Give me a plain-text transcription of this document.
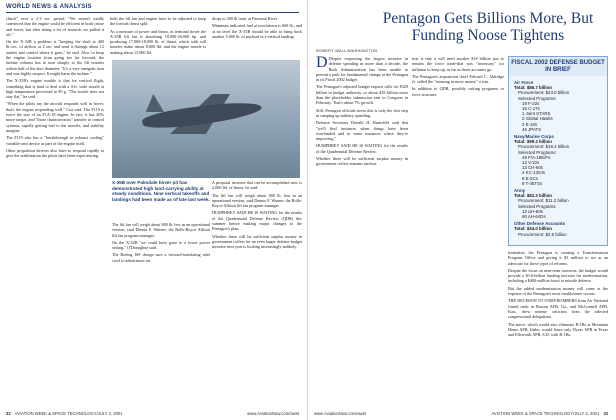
WORLD NEWS & ANALYSIS

clutch" over a 2-3 sec. period. "We weren't totally convinced that the engine could be efficient in both cruise and hover, but after doing a lot of research we pulled it off."

On the X-32B a problem is "keeping the shaft at 400 lb./sec. of airflow at 2 sec. and send it through about 12 outlets and control where it goes," he said. Also, to keep the engine location from going too far forward, the turbine exhaust has to turn sharply to the lift nozzles within half of the duct diameter. "It's a very energetic turn and was highly suspect. It might harm the turbine."

The X-35B's engine trouble is that for vertical flight, something that is hard to deal with a 4-ft. wide nozzle at high temperature processed to 90 g. "The nozzle does not stay flat," he said.

"When the pilots say the aircraft responds well in hover, that's the engine responding well," Coa said. The F119 is twice the size of an F1A-18 engine. In fact, it has 40% more torque, and "those characteristics" transfer to control systems, rapidly getting fuel to the nozzles, and stability margins.

The F119 also has a "breakthrough in exhaust cooling" variable-area device as part of the engine itself.

Other propulsion devices also have to respond rapidly to give the stabilization the pilots have been experiencing.

both the lift fan and engine have to be adjusted to keep the fore/aft thrust split.

As a measure of power and thrust, in terminal hover the X-35B lift fan is absorbing 18,000-20,000 hp. and producing 17,000-18,000 lb. of thrust, which with roll nozzles make about 8,000 lbf. and the engine nozzle is making about 13,000 lbf.

X-35B over Palmdale hover pit has demonstrated high land-carrying ability at steady conditions. Nine vertical takeoffs and landings had been made as of late last week.

The lift fan will weigh about 800 lb. less in an operational version, said Dennis F. Warner, the Rolls-Royce Allison lift fan program manager.

On the X-32B "we could have gone to a lower power setting," O'Donoghue said.

The Boeing JSF design uses a forward-translating inlet cowl to admit more air.

drops to 300 lb./min. at Patuxent River.

Minimum indicated fuel at touchdown is 600 lb., and at no level the X-35B should be able to bring back another 5,000 lb. of payload in a vertical landing.

A proposal increase that can be accomplished now is 2,000 lbf. of thrust, he said.

The lift fan will weigh about 800 lb. less in an operational version, said Dennis F. Warner, the Rolls-Royce Allison lift fan program manager.

HUMPHREY SAID HE IS WAITING for the results of the Quadrennial Defense Review (QDR) this summer before making major changes to the Pentagon's plan.

Whether there will be sufficient surplus money in government coffers for an even larger defense budget increase next year is looking increasingly unlikely.

32 AVIATION WEEK & SPACE TECHNOLOGY/JULY 2, 2001	www.AviationNow.com/awst
Pentagon Gets Billions More, But Funding Noose Tightens
ROBERT WALL/WASHINGTON

D Despite requesting the largest increase in defense spending in more than a decade, the Bush Administration has been unable to present a path for fundamental change at the Pentagon in its Fiscal 2002 budget.

The Pentagon's adjusted budget request calls for $329 billion in budget authority, or about $18 billion more than the placeholder submission sent to Congress in February. That's about 7% growth.

Still, Pentagon officials stress this is only the first step in ramping up military spending.

Defense Secretary Donald H. Rumsfeld said that "we'll find instances when things have been overfunded and in some instances where they're improving."

HUMPHREY SAID HE IS WAITING for the results of the Quadrennial Defense Review.

Whether there will be sufficient surplus money in government coffers remains unclear.

tion is that it will need another $18 billion just to remain the force trade-that was "necessary" for inflation to keep up, as far as those accounts go.

The Pentagon's acquisition chief Edward C. Aldridge Jr. called the "seeming in more money" a win.

In addition to QDR, possibly cutting programs or force structure.

FISCAL 2002 DEFENSE BUDGET IN BRIEF
Air Force
Total: $86.7 billion
Procurement: $23.0 billion
Selected Programs:
19 F-22s
15 C-17s
1 Joint STARS
2 Global Hawks
2 E-10s
46 JPATS
Navy/Marine Corps
Total: $99.2 billion
Procurement: $18.4 billion
Selected Programs:
48 F/A-18E/Fs
12 V-22s
13 CH-60s
4 KC-130Js
8 E-2Cs
9 T-45TSs
Army
Total: $82.2 billion
Procurement: $11.2 billion
Selected Programs:
12 UH-60s
60 AH-64Ds
Other Defense Accounts
Total: $34.0 billion
Procurement: $2.5 billion

formation, the Pentagon is creating a Transformation Program Office and giving it $3 million to act as an advocate for these types of reforms.

Despite the focus on near-term concerns, the budget would provide a $3.6-billion funding increase for modernization, including a $400-million boost to missile defense.

But the added modernization money will come at the expense of the Pentagon's most troublesome sectors.

THE DECISION TO STRIP BOMBERS from Air National Guard units in Boston AFB, Ga., and McConnell AFB, Kan., drew intense criticism from the affected congressional delegations.

The move, which would also eliminate B-1Bs at Mountain Home AFB, Idaho, would leave only Dyess AFB in Texas and Ellsworth AFB, S.D. with B-1Bs.

www.AviationNow.com/awst	AVIATION WEEK & SPACE TECHNOLOGY/JULY 2, 2001 33
